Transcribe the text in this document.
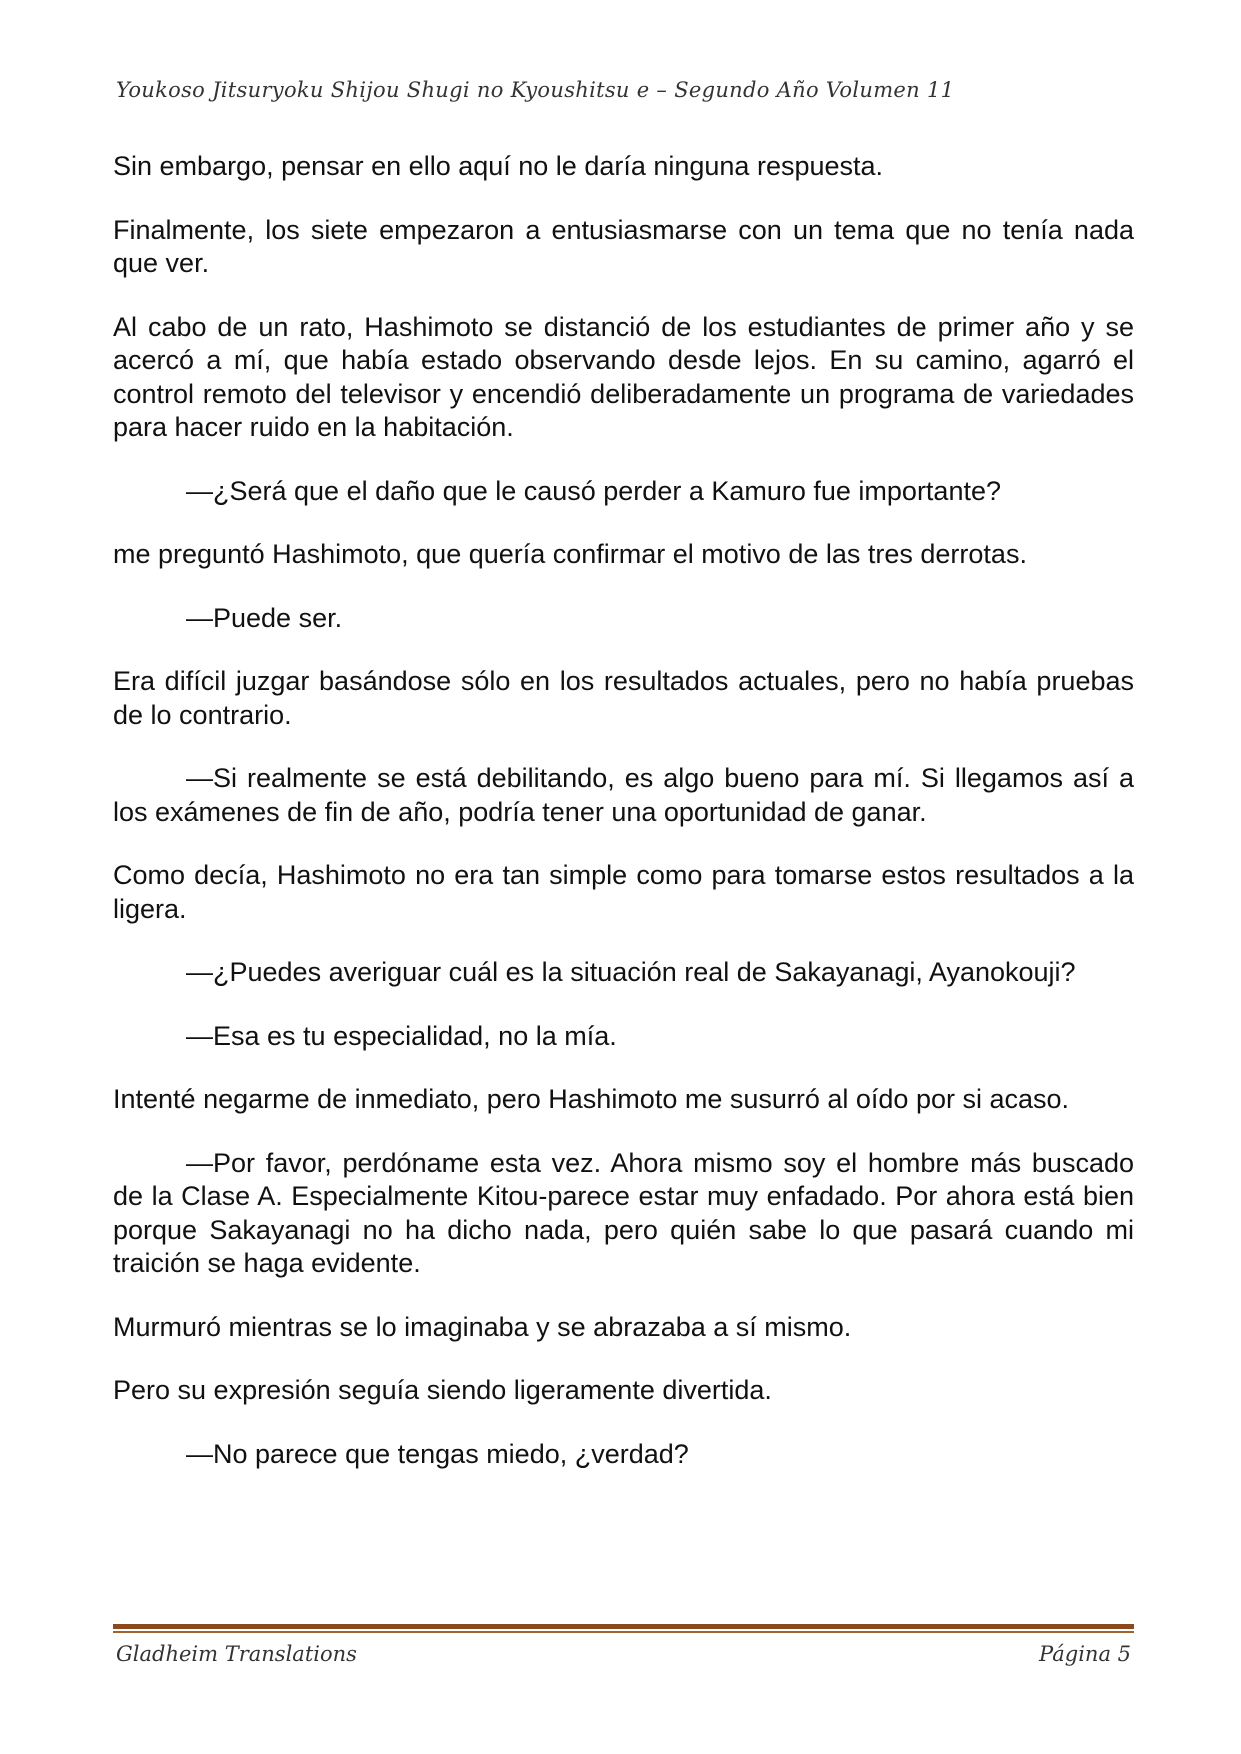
Youkoso Jitsuryoku Shijou Shugi no Kyoushitsu e – Segundo Año Volumen 11

Sin embargo, pensar en ello aquí no le daría ninguna respuesta.

Finalmente, los siete empezaron a entusiasmarse con un tema que no tenía nada que ver.

Al cabo de un rato, Hashimoto se distanció de los estudiantes de primer año y se acercó a mí, que había estado observando desde lejos. En su camino, agarró el control remoto del televisor y encendió deliberadamente un programa de variedades para hacer ruido en la habitación.

—¿Será que el daño que le causó perder a Kamuro fue importante?

me preguntó Hashimoto, que quería confirmar el motivo de las tres derrotas.

—Puede ser.

Era difícil juzgar basándose sólo en los resultados actuales, pero no había pruebas de lo contrario.

—Si realmente se está debilitando, es algo bueno para mí. Si llegamos así a los exámenes de fin de año, podría tener una oportunidad de ganar.

Como decía, Hashimoto no era tan simple como para tomarse estos resultados a la ligera.

—¿Puedes averiguar cuál es la situación real de Sakayanagi, Ayanokouji?

—Esa es tu especialidad, no la mía.

Intenté negarme de inmediato, pero Hashimoto me susurró al oído por si acaso.

—Por favor, perdóname esta vez. Ahora mismo soy el hombre más buscado de la Clase A. Especialmente Kitou-parece estar muy enfadado. Por ahora está bien porque Sakayanagi no ha dicho nada, pero quién sabe lo que pasará cuando mi traición se haga evidente.

Murmuró mientras se lo imaginaba y se abrazaba a sí mismo.

Pero su expresión seguía siendo ligeramente divertida.

—No parece que tengas miedo, ¿verdad?

Gladheim Translations	Página 5
